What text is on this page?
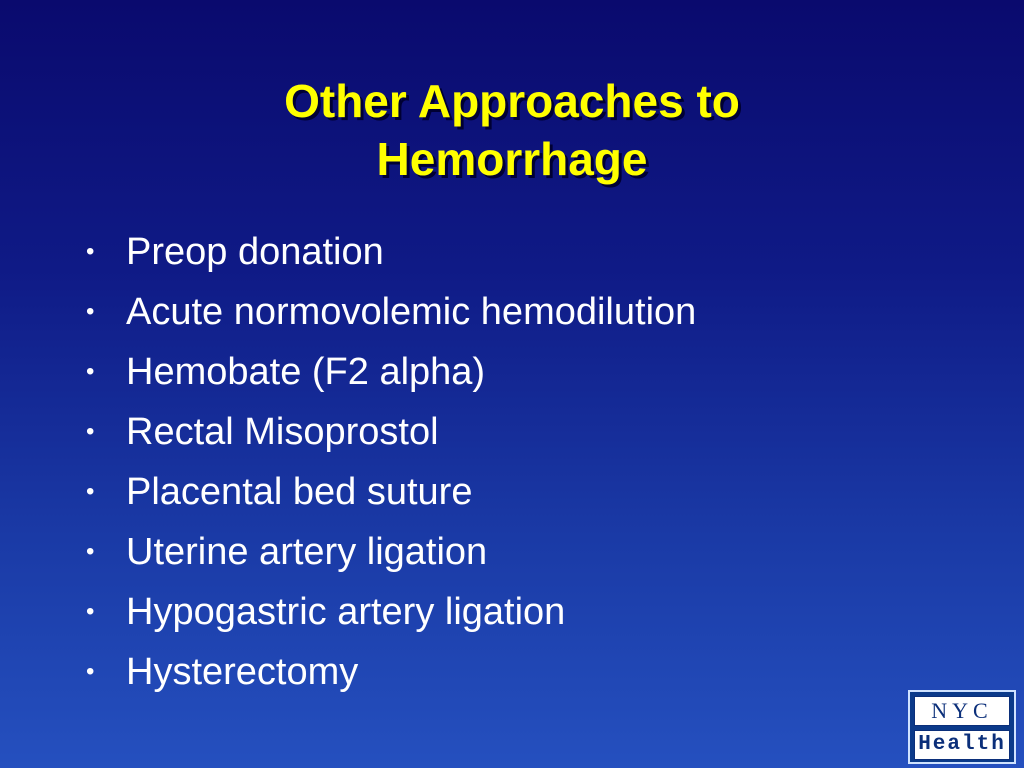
Other Approaches to
Hemorrhage
• Preop donation
• Acute normovolemic hemodilution
• Hemobate (F2 alpha)
• Rectal Misoprostol
• Placental bed suture
• Uterine artery ligation
• Hypogastric artery ligation
• Hysterectomy
NYC
Health
